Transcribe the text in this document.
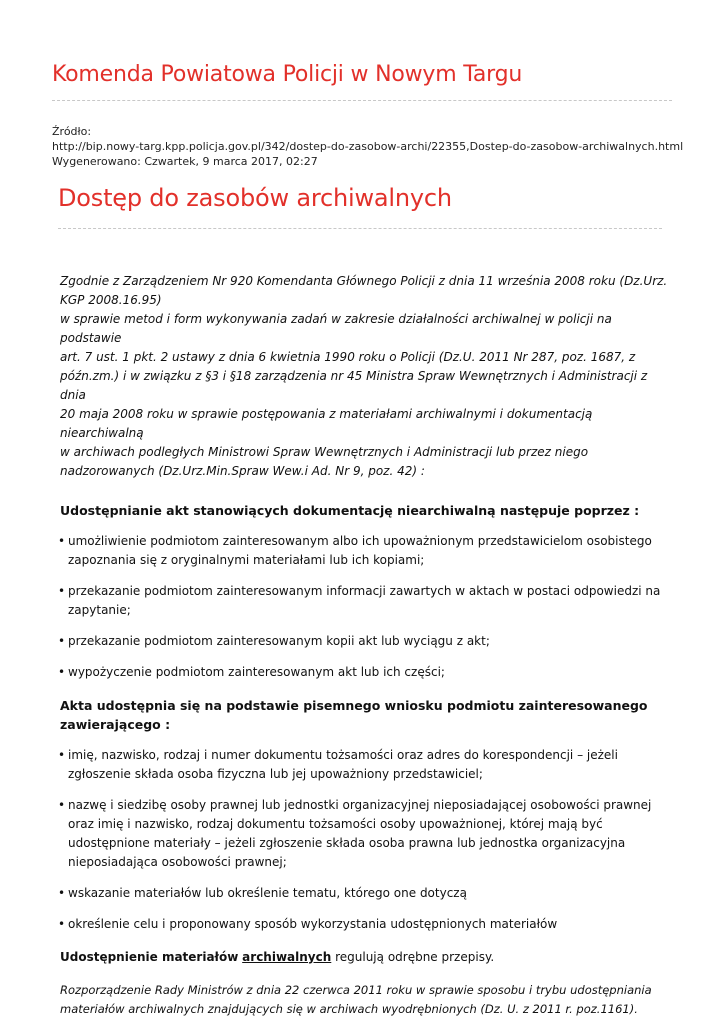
Komenda Powiatowa Policji w Nowym Targu
Źródło:
http://bip.nowy-targ.kpp.policja.gov.pl/342/dostep-do-zasobow-archi/22355,Dostep-do-zasobow-archiwalnych.html
Wygenerowano: Czwartek, 9 marca 2017, 02:27
Dostęp do zasobów archiwalnych

Zgodnie z Zarządzeniem Nr 920 Komendanta Głównego Policji z dnia 11 września 2008 roku (Dz.Urz.
KGP 2008.16.95)
w sprawie metod i form wykonywania zadań w zakresie działalności archiwalnej w policji na podstawie
art. 7 ust. 1 pkt. 2 ustawy z dnia 6 kwietnia 1990 roku o Policji (Dz.U. 2011 Nr 287, poz. 1687, z
późn.zm.) i w związku z §3 i §18 zarządzenia nr 45 Ministra Spraw Wewnętrznych i Administracji z dnia
20 maja 2008 roku w sprawie postępowania z materiałami archiwalnymi i dokumentacją niearchiwalną
w archiwach podległych Ministrowi Spraw Wewnętrznych i Administracji lub przez niego
nadzorowanych (Dz.Urz.Min.Spraw Wew.i Ad. Nr 9, poz. 42) :

Udostępnianie akt stanowiących dokumentację niearchiwalną następuje poprzez :

• umożliwienie podmiotom zainteresowanym albo ich upoważnionym przedstawicielom osobistego zapoznania się z oryginalnymi materiałami lub ich kopiami;
• przekazanie podmiotom zainteresowanym informacji zawartych w aktach w postaci odpowiedzi na zapytanie;
• przekazanie podmiotom zainteresowanym kopii akt lub wyciągu z akt;
• wypożyczenie podmiotom zainteresowanym akt lub ich części;

Akta udostępnia się na podstawie pisemnego wniosku podmiotu zainteresowanego zawierającego :

• imię, nazwisko, rodzaj i numer dokumentu tożsamości oraz adres do korespondencji – jeżeli zgłoszenie składa osoba fizyczna lub jej upoważniony przedstawiciel;
• nazwę i siedzibę osoby prawnej lub jednostki organizacyjnej nieposiadającej osobowości prawnej oraz imię i nazwisko, rodzaj dokumentu tożsamości osoby upoważnionej, której mają być udostępnione materiały – jeżeli zgłoszenie składa osoba prawna lub jednostka organizacyjna nieposiadająca osobowości prawnej;
• wskazanie materiałów lub określenie tematu, którego one dotyczą
• określenie celu i proponowany sposób wykorzystania udostępnionych materiałów

Udostępnienie materiałów archiwalnych regulują odrębne przepisy.

Rozporządzenie Rady Ministrów z dnia 22 czerwca 2011 roku w sprawie sposobu i trybu udostępniania materiałów archiwalnych znajdujących się w archiwach wyodrębnionych (Dz. U. z 2011 r. poz.1161).
